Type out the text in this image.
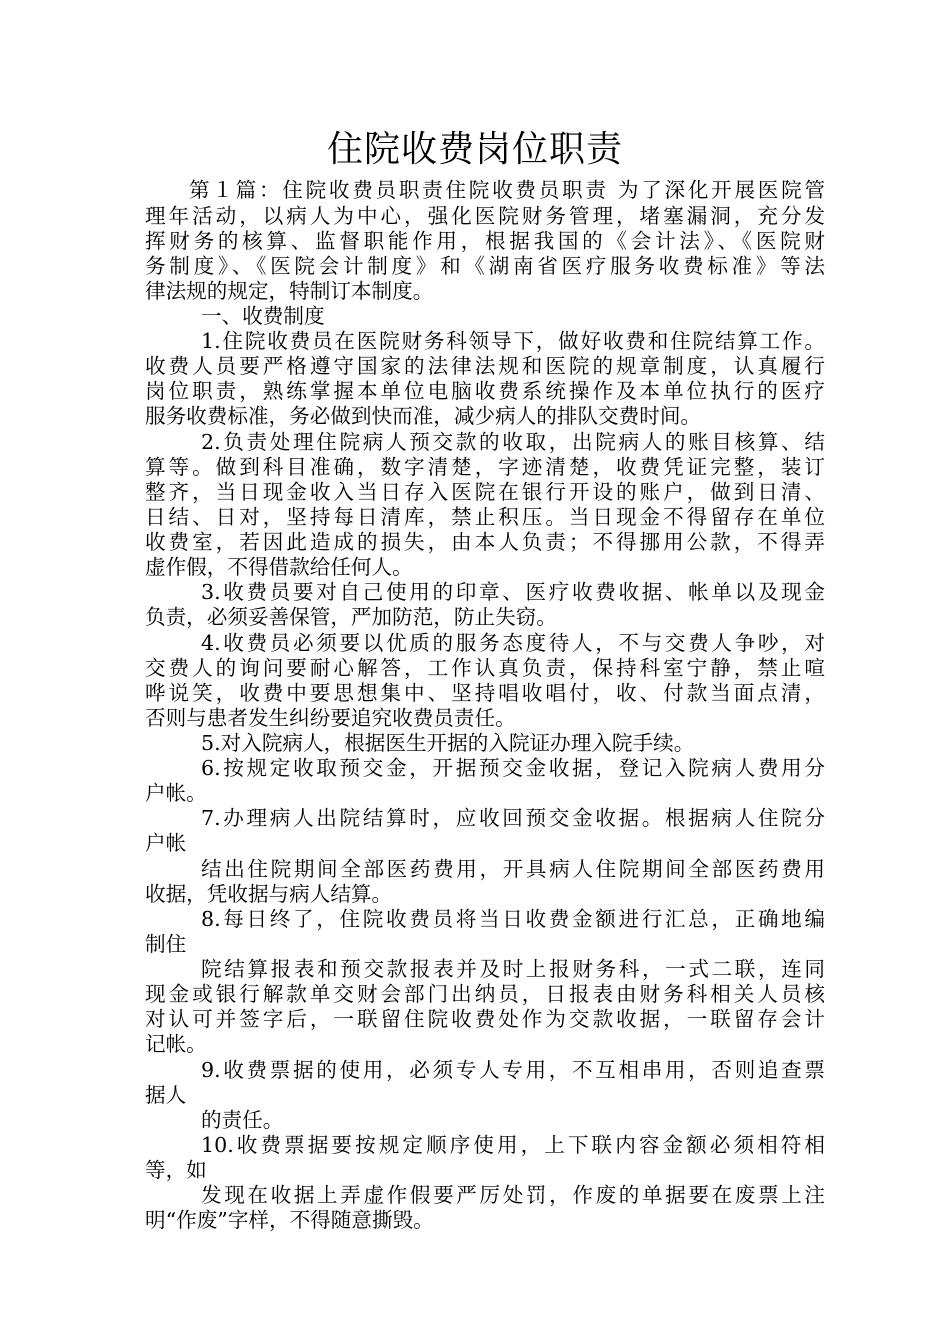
住院收费岗位职责
第１篇：住院收费员职责住院收费员职责 为了深化开展医院管
理年活动，以病人为中心，强化医院财务管理，堵塞漏洞，充分发
挥财务的核算、监督职能作用，根据我国的《会计法》、《医院财
务制度》、《医院会计制度》和《湖南省医疗服务收费标准》等法
律法规的规定，特制订本制度。
一、收费制度
1.住院收费员在医院财务科领导下，做好收费和住院结算工作。
收费人员要严格遵守国家的法律法规和医院的规章制度，认真履行
岗位职责，熟练掌握本单位电脑收费系统操作及本单位执行的医疗
服务收费标准，务必做到快而准，减少病人的排队交费时间。
2.负责处理住院病人预交款的收取，出院病人的账目核算、结
算等。做到科目准确，数字清楚，字迹清楚，收费凭证完整，装订
整齐，当日现金收入当日存入医院在银行开设的账户，做到日清、
日结、日对，坚持每日清库，禁止积压。当日现金不得留存在单位
收费室，若因此造成的损失，由本人负责；不得挪用公款，不得弄
虚作假，不得借款给任何人。
3.收费员要对自己使用的印章、医疗收费收据、帐单以及现金
负责，必须妥善保管，严加防范，防止失窃。
4.收费员必须要以优质的服务态度待人，不与交费人争吵，对
交费人的询问要耐心解答，工作认真负责，保持科室宁静，禁止喧
哗说笑，收费中要思想集中、坚持唱收唱付，收、付款当面点清，
否则与患者发生纠纷要追究收费员责任。
5.对入院病人，根据医生开据的入院证办理入院手续。
6.按规定收取预交金，开据预交金收据，登记入院病人费用分
户帐。
7.办理病人出院结算时，应收回预交金收据。根据病人住院分
户帐
结出住院期间全部医药费用，开具病人住院期间全部医药费用
收据，凭收据与病人结算。
8.每日终了，住院收费员将当日收费金额进行汇总，正确地编
制住
院结算报表和预交款报表并及时上报财务科，一式二联，连同
现金或银行解款单交财会部门出纳员，日报表由财务科相关人员核
对认可并签字后，一联留住院收费处作为交款收据，一联留存会计
记帐。
9.收费票据的使用，必须专人专用，不互相串用，否则追查票
据人
的责任。
10.收费票据要按规定顺序使用，上下联内容金额必须相符相
等，如
发现在收据上弄虚作假要严厉处罚，作废的单据要在废票上注
明“作废”字样，不得随意撕毁。
